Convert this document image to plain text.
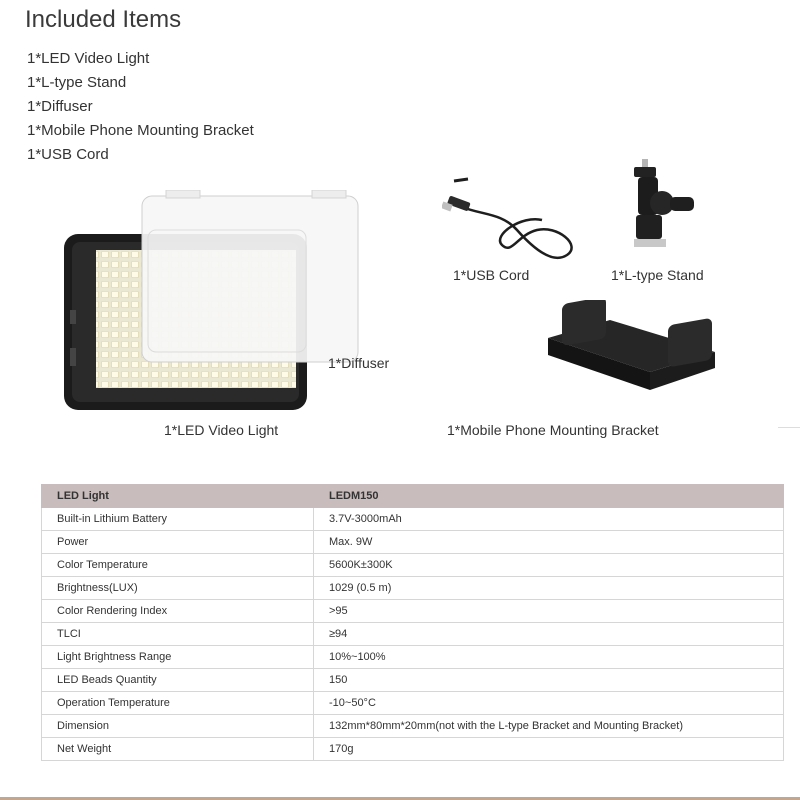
Included Items
1*LED Video Light
1*L-type Stand
1*Diffuser
1*Mobile Phone Mounting Bracket
1*USB Cord
1*Diffuser
1*LED Video Light
1*USB Cord	1*L-type Stand
1*Mobile Phone Mounting Bracket
LED Light	LEDM150
Built-in Lithium Battery	3.7V-3000mAh
Power	Max. 9W
Color Temperature	5600K±300K
Brightness(LUX)	1029 (0.5 m)
Color Rendering Index	>95
TLCI	≥94
Light Brightness Range	10%~100%
LED Beads Quantity	150
Operation Temperature	-10~50°C
Dimension	132mm*80mm*20mm(not with the L-type Bracket and Mounting Bracket)
Net Weight	170g
